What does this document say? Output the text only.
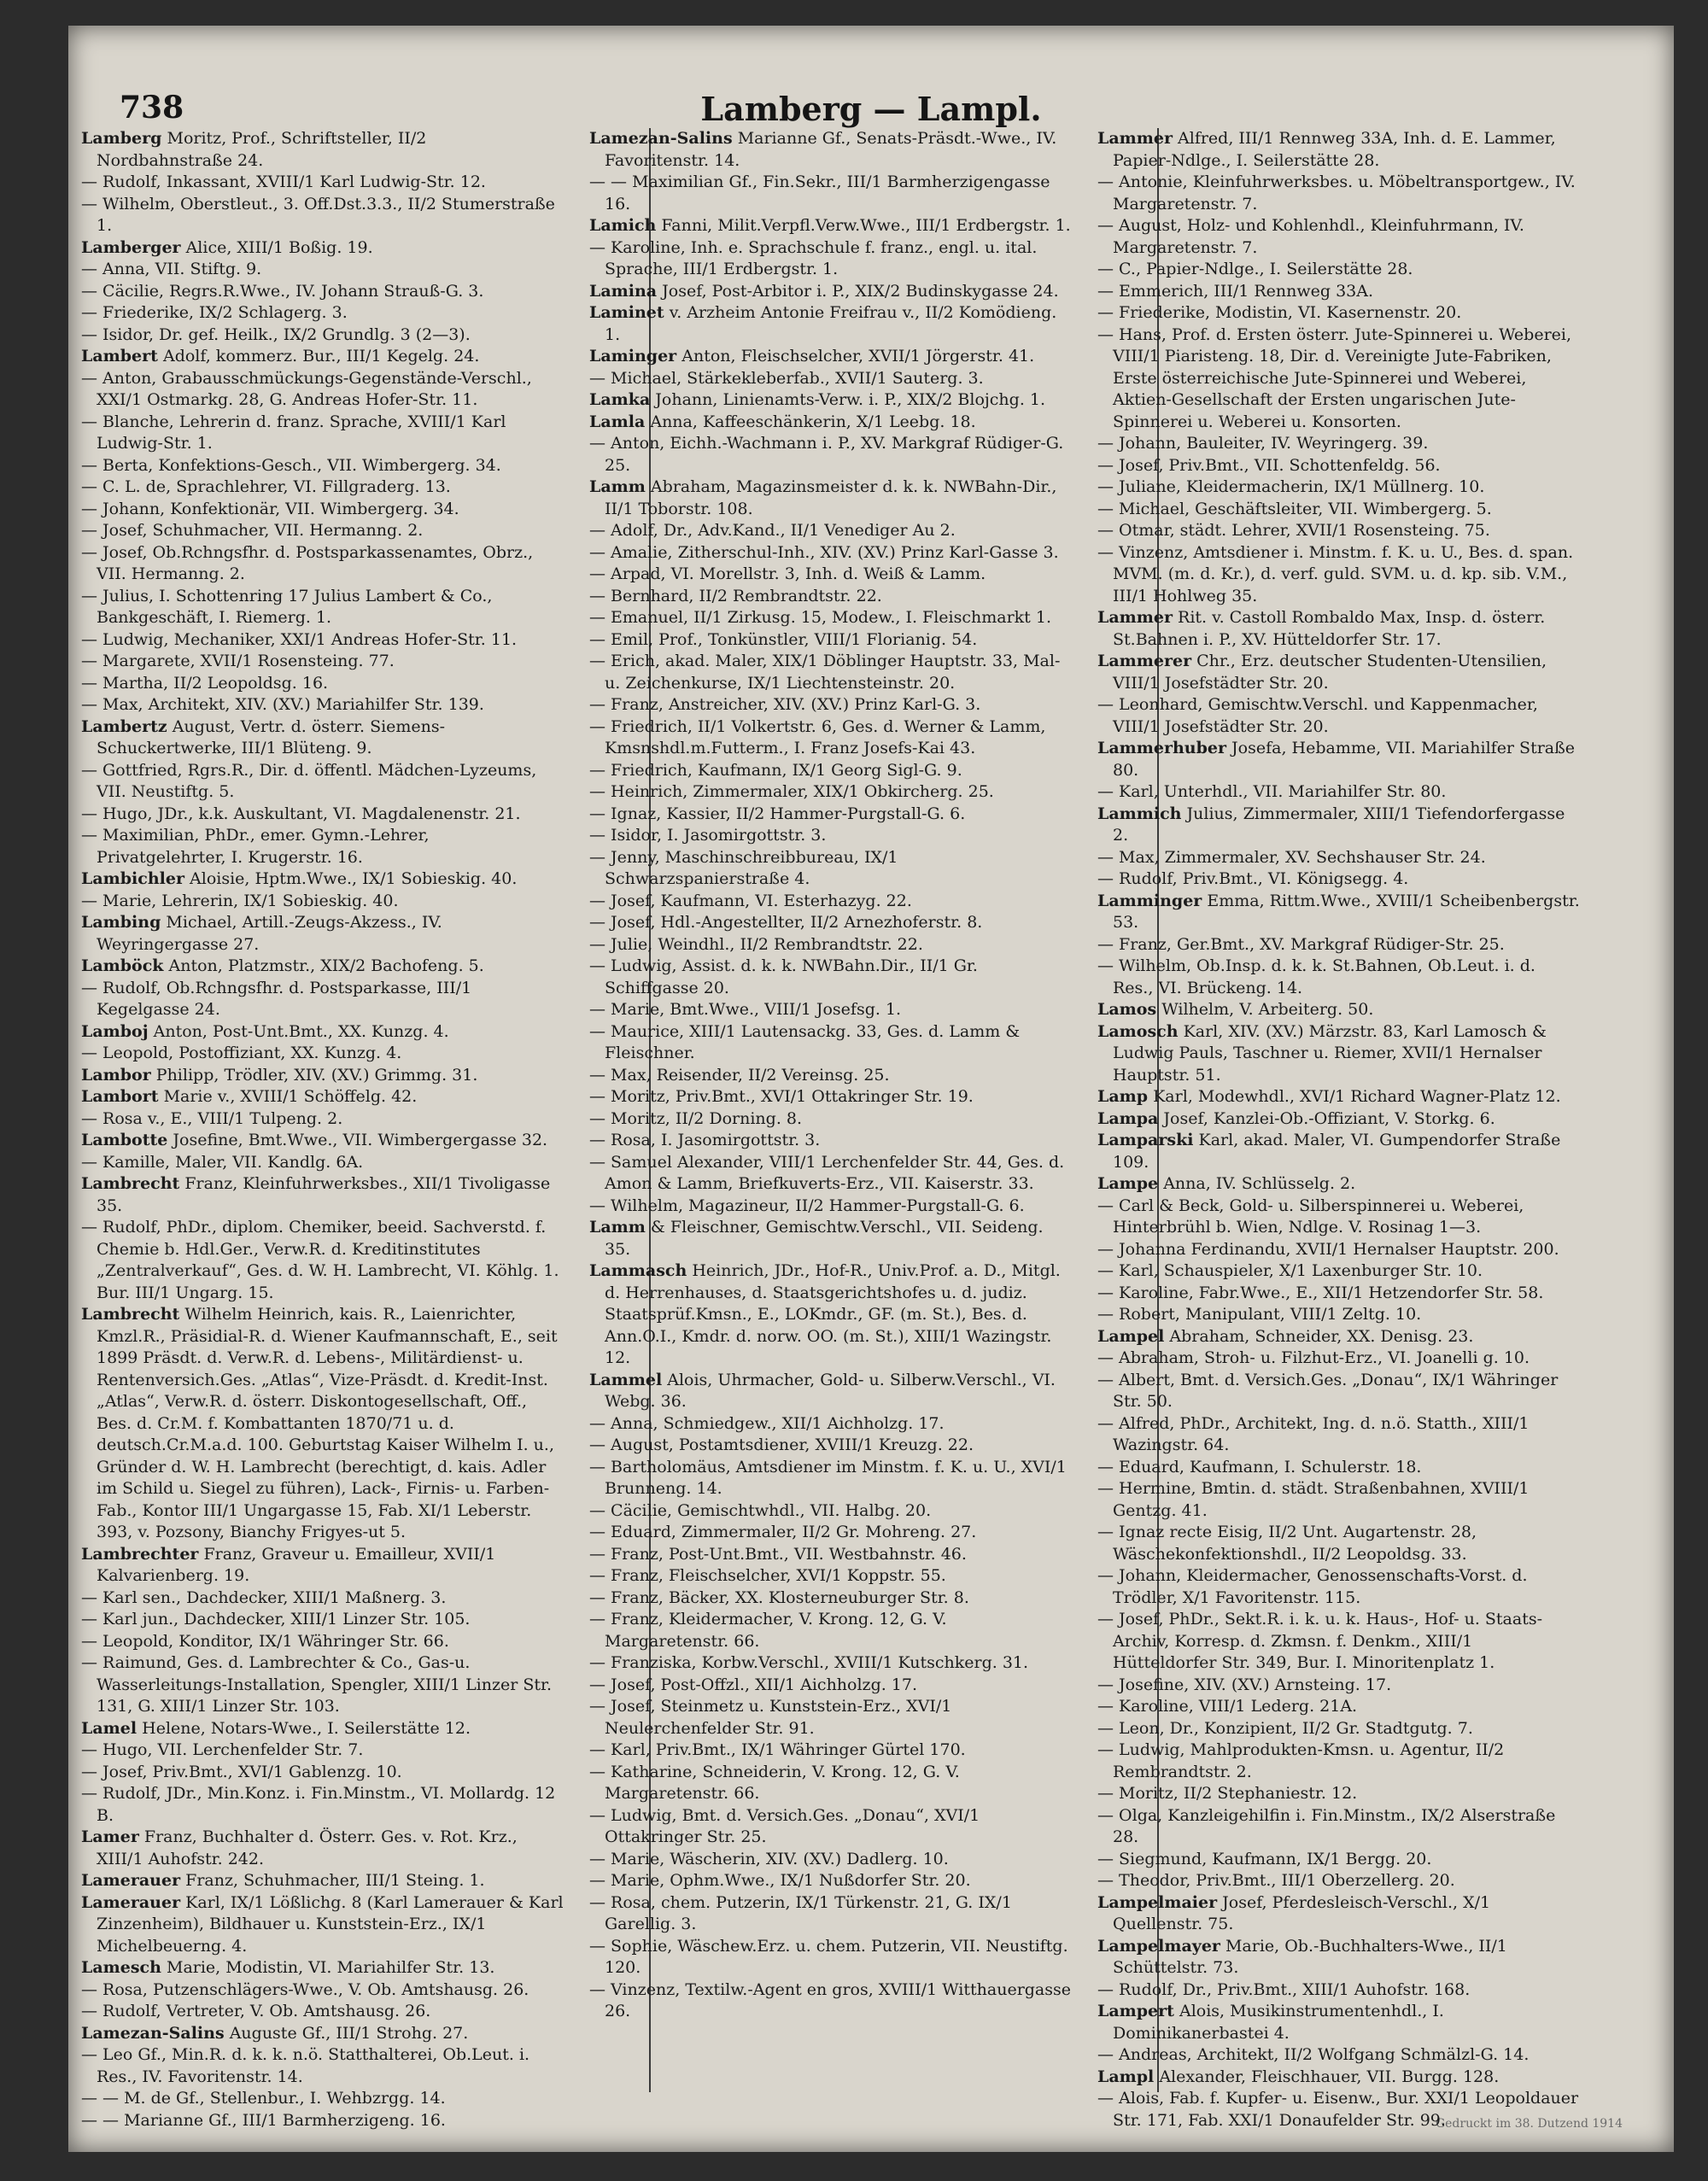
738	Lamberg — Lampl.
Gedruckt im 38. Dutzend 1914

Lamberg Moritz, Prof., Schriftsteller, II/2 Nordbahnstraße 24.

— Rudolf, Inkassant, XVIII/1 Karl Ludwig-Str. 12.

— Wilhelm, Oberstleut., 3. Off.Dst.3.3., II/2 Stumerstraße 1.

Lamberger Alice, XIII/1 Boßig. 19.

— Anna, VII. Stiftg. 9.

— Cäcilie, Regrs.R.Wwe., IV. Johann Strauß-G. 3.

— Friederike, IX/2 Schlagerg. 3.

— Isidor, Dr. gef. Heilk., IX/2 Grundlg. 3 (2—3).

Lambert Adolf, kommerz. Bur., III/1 Kegelg. 24.

— Anton, Grabausschmückungs-Gegenstände-Verschl., XXI/1 Ostmarkg. 28, G. Andreas Hofer-Str. 11.

— Blanche, Lehrerin d. franz. Sprache, XVIII/1 Karl Ludwig-Str. 1.

— Berta, Konfektions-Gesch., VII. Wimbergerg. 34.

— C. L. de, Sprachlehrer, VI. Fillgraderg. 13.

— Johann, Konfektionär, VII. Wimbergerg. 34.

— Josef, Schuhmacher, VII. Hermanng. 2.

— Josef, Ob.Rchngsfhr. d. Postsparkassenamtes, Obrz., VII. Hermanng. 2.

— Julius, I. Schottenring 17 Julius Lambert & Co., Bankgeschäft, I. Riemerg. 1.

— Ludwig, Mechaniker, XXI/1 Andreas Hofer-Str. 11.

— Margarete, XVII/1 Rosensteing. 77.

— Martha, II/2 Leopoldsg. 16.

— Max, Architekt, XIV. (XV.) Mariahilfer Str. 139.

Lambertz August, Vertr. d. österr. Siemens-Schuckertwerke, III/1 Blüteng. 9.

— Gottfried, Rgrs.R., Dir. d. öffentl. Mädchen-Lyzeums, VII. Neustiftg. 5.

— Hugo, JDr., k.k. Auskultant, VI. Magdalenenstr. 21.

— Maximilian, PhDr., emer. Gymn.-Lehrer, Privatgelehrter, I. Krugerstr. 16.

Lambichler Aloisie, Hptm.Wwe., IX/1 Sobieskig. 40.

— Marie, Lehrerin, IX/1 Sobieskig. 40.

Lambing Michael, Artill.-Zeugs-Akzess., IV. Weyringergasse 27.

Lamböck Anton, Platzmstr., XIX/2 Bachofeng. 5.

— Rudolf, Ob.Rchngsfhr. d. Postsparkasse, III/1 Kegelgasse 24.

Lamboj Anton, Post-Unt.Bmt., XX. Kunzg. 4.

— Leopold, Postoffiziant, XX. Kunzg. 4.

Lambor Philipp, Trödler, XIV. (XV.) Grimmg. 31.

Lambort Marie v., XVIII/1 Schöffelg. 42.

— Rosa v., E., VIII/1 Tulpeng. 2.

Lambotte Josefine, Bmt.Wwe., VII. Wimbergergasse 32.

— Kamille, Maler, VII. Kandlg. 6A.

Lambrecht Franz, Kleinfuhrwerksbes., XII/1 Tivoligasse 35.

— Rudolf, PhDr., diplom. Chemiker, beeid. Sachverstd. f. Chemie b. Hdl.Ger., Verw.R. d. Kreditinstitutes „Zentralverkauf“, Ges. d. W. H. Lambrecht, VI. Köhlg. 1. Bur. III/1 Ungarg. 15.

Lambrecht Wilhelm Heinrich, kais. R., Laienrichter, Kmzl.R., Präsidial-R. d. Wiener Kaufmannschaft, E., seit 1899 Präsdt. d. Verw.R. d. Lebens-, Militärdienst- u. Rentenversich.Ges. „Atlas“, Vize-Präsdt. d. Kredit-Inst. „Atlas“, Verw.R. d. österr. Diskontogesellschaft, Off., Bes. d. Cr.M. f. Kombattanten 1870/71 u. d. deutsch.Cr.M.a.d. 100. Geburtstag Kaiser Wilhelm I. u., Gründer d. W. H. Lambrecht (berechtigt, d. kais. Adler im Schild u. Siegel zu führen), Lack-, Firnis- u. Farben-Fab., Kontor III/1 Ungargasse 15, Fab. XI/1 Leberstr. 393, v. Pozsony, Bianchy Frigyes-ut 5.

Lambrechter Franz, Graveur u. Emailleur, XVII/1 Kalvarienberg. 19.

— Karl sen., Dachdecker, XIII/1 Maßnerg. 3.

— Karl jun., Dachdecker, XIII/1 Linzer Str. 105.

— Leopold, Konditor, IX/1 Währinger Str. 66.

— Raimund, Ges. d. Lambrechter & Co., Gas-u. Wasserleitungs-Installation, Spengler, XIII/1 Linzer Str. 131, G. XIII/1 Linzer Str. 103.

Lamel Helene, Notars-Wwe., I. Seilerstätte 12.

— Hugo, VII. Lerchenfelder Str. 7.

— Josef, Priv.Bmt., XVI/1 Gablenzg. 10.

— Rudolf, JDr., Min.Konz. i. Fin.Minstm., VI. Mollardg. 12 B.

Lamer Franz, Buchhalter d. Österr. Ges. v. Rot. Krz., XIII/1 Auhofstr. 242.

Lamerauer Franz, Schuhmacher, III/1 Steing. 1.

Lamerauer Karl, IX/1 Lößlichg. 8 (Karl Lamerauer & Karl Zinzenheim), Bildhauer u. Kunststein-Erz., IX/1 Michelbeuerng. 4.

Lamesch Marie, Modistin, VI. Mariahilfer Str. 13.

— Rosa, Putzenschlägers-Wwe., V. Ob. Amtshausg. 26.

— Rudolf, Vertreter, V. Ob. Amtshausg. 26.

Lamezan-Salins Auguste Gf., III/1 Strohg. 27.

— Leo Gf., Min.R. d. k. k. n.ö. Statthalterei, Ob.Leut. i. Res., IV. Favoritenstr. 14.

— — M. de Gf., Stellenbur., I. Wehbzrgg. 14.

— — Marianne Gf., III/1 Barmherzigeng. 16.

Lamezan-Salins Marianne Gf., Senats-Präsdt.-Wwe., IV. Favoritenstr. 14.

— — Maximilian Gf., Fin.Sekr., III/1 Barmherzigengasse 16.

Lamich Fanni, Milit.Verpfl.Verw.Wwe., III/1 Erdbergstr. 1.

— Karoline, Inh. e. Sprachschule f. franz., engl. u. ital. Sprache, III/1 Erdbergstr. 1.

Lamina Josef, Post-Arbitor i. P., XIX/2 Budinskygasse 24.

Laminet v. Arzheim Antonie Freifrau v., II/2 Komödieng. 1.

Laminger Anton, Fleischselcher, XVII/1 Jörgerstr. 41.

— Michael, Stärkekleberfab., XVII/1 Sauterg. 3.

Lamka Johann, Linienamts-Verw. i. P., XIX/2 Blojchg. 1.

Lamla Anna, Kaffeeschänkerin, X/1 Leebg. 18.

— Anton, Eichh.-Wachmann i. P., XV. Markgraf Rüdiger-G. 25.

Lamm Abraham, Magazinsmeister d. k. k. NWBahn-Dir., II/1 Toborstr. 108.

— Adolf, Dr., Adv.Kand., II/1 Venediger Au 2.

— Amalie, Zitherschul-Inh., XIV. (XV.) Prinz Karl-Gasse 3.

— Arpad, VI. Morellstr. 3, Inh. d. Weiß & Lamm.

— Bernhard, II/2 Rembrandtstr. 22.

— Emanuel, II/1 Zirkusg. 15, Modew., I. Fleischmarkt 1.

— Emil, Prof., Tonkünstler, VIII/1 Florianig. 54.

— Erich, akad. Maler, XIX/1 Döblinger Hauptstr. 33, Mal- u. Zeichenkurse, IX/1 Liechtensteinstr. 20.

— Franz, Anstreicher, XIV. (XV.) Prinz Karl-G. 3.

— Friedrich, II/1 Volkertstr. 6, Ges. d. Werner & Lamm, Kmsnshdl.m.Futterm., I. Franz Josefs-Kai 43.

— Friedrich, Kaufmann, IX/1 Georg Sigl-G. 9.

— Heinrich, Zimmermaler, XIX/1 Obkircherg. 25.

— Ignaz, Kassier, II/2 Hammer-Purgstall-G. 6.

— Isidor, I. Jasomirgottstr. 3.

— Jenny, Maschinschreibbureau, IX/1 Schwarzspanierstraße 4.

— Josef, Kaufmann, VI. Esterhazyg. 22.

— Josef, Hdl.-Angestellter, II/2 Arnezhoferstr. 8.

— Julie, Weindhl., II/2 Rembrandtstr. 22.

— Ludwig, Assist. d. k. k. NWBahn.Dir., II/1 Gr. Schiffgasse 20.

— Marie, Bmt.Wwe., VIII/1 Josefsg. 1.

— Maurice, XIII/1 Lautensackg. 33, Ges. d. Lamm & Fleischner.

— Max, Reisender, II/2 Vereinsg. 25.

— Moritz, Priv.Bmt., XVI/1 Ottakringer Str. 19.

— Moritz, II/2 Dorning. 8.

— Rosa, I. Jasomirgottstr. 3.

— Samuel Alexander, VIII/1 Lerchenfelder Str. 44, Ges. d. Amon & Lamm, Briefkuverts-Erz., VII. Kaiserstr. 33.

— Wilhelm, Magazineur, II/2 Hammer-Purgstall-G. 6.

Lamm & Fleischner, Gemischtw.Verschl., VII. Seideng. 35.

Lammasch Heinrich, JDr., Hof-R., Univ.Prof. a. D., Mitgl. d. Herrenhauses, d. Staatsgerichtshofes u. d. judiz. Staatsprüf.Kmsn., E., LOKmdr., GF. (m. St.), Bes. d. Ann.O.I., Kmdr. d. norw. OO. (m. St.), XIII/1 Wazingstr. 12.

Lammel Alois, Uhrmacher, Gold- u. Silberw.Verschl., VI. Webg. 36.

— Anna, Schmiedgew., XII/1 Aichholzg. 17.

— August, Postamtsdiener, XVIII/1 Kreuzg. 22.

— Bartholomäus, Amtsdiener im Minstm. f. K. u. U., XVI/1 Brunneng. 14.

— Cäcilie, Gemischtwhdl., VII. Halbg. 20.

— Eduard, Zimmermaler, II/2 Gr. Mohreng. 27.

— Franz, Post-Unt.Bmt., VII. Westbahnstr. 46.

— Franz, Fleischselcher, XVI/1 Koppstr. 55.

— Franz, Bäcker, XX. Klosterneuburger Str. 8.

— Franz, Kleidermacher, V. Krong. 12, G. V. Margaretenstr. 66.

— Franziska, Korbw.Verschl., XVIII/1 Kutschkerg. 31.

— Josef, Post-Offzl., XII/1 Aichholzg. 17.

— Josef, Steinmetz u. Kunststein-Erz., XVI/1 Neulerchenfelder Str. 91.

— Karl, Priv.Bmt., IX/1 Währinger Gürtel 170.

— Katharine, Schneiderin, V. Krong. 12, G. V. Margaretenstr. 66.

— Ludwig, Bmt. d. Versich.Ges. „Donau“, XVI/1 Ottakringer Str. 25.

— Marie, Wäscherin, XIV. (XV.) Dadlerg. 10.

— Marie, Ophm.Wwe., IX/1 Nußdorfer Str. 20.

— Rosa, chem. Putzerin, IX/1 Türkenstr. 21, G. IX/1 Garellig. 3.

— Sophie, Wäschew.Erz. u. chem. Putzerin, VII. Neustiftg. 120.

— Vinzenz, Textilw.-Agent en gros, XVIII/1 Witthauergasse 26.

Lammer Alfred, III/1 Rennweg 33A, Inh. d. E. Lammer, Papier-Ndlge., I. Seilerstätte 28.

— Antonie, Kleinfuhrwerksbes. u. Möbeltransportgew., IV. Margaretenstr. 7.

— August, Holz- und Kohlenhdl., Kleinfuhrmann, IV. Margaretenstr. 7.

— C., Papier-Ndlge., I. Seilerstätte 28.

— Emmerich, III/1 Rennweg 33A.

— Friederike, Modistin, VI. Kasernenstr. 20.

— Hans, Prof. d. Ersten österr. Jute-Spinnerei u. Weberei, VIII/1 Piaristeng. 18, Dir. d. Vereinigte Jute-Fabriken, Erste österreichische Jute-Spinnerei und Weberei, Aktien-Gesellschaft der Ersten ungarischen Jute-Spinnerei u. Weberei u. Konsorten.

— Johann, Bauleiter, IV. Weyringerg. 39.

— Josef, Priv.Bmt., VII. Schottenfeldg. 56.

— Juliane, Kleidermacherin, IX/1 Müllnerg. 10.

— Michael, Geschäftsleiter, VII. Wimbergerg. 5.

— Otmar, städt. Lehrer, XVII/1 Rosensteing. 75.

— Vinzenz, Amtsdiener i. Minstm. f. K. u. U., Bes. d. span. MVM. (m. d. Kr.), d. verf. guld. SVM. u. d. kp. sib. V.M., III/1 Hohlweg 35.

Lammer Rit. v. Castoll Rombaldo Max, Insp. d. österr. St.Bahnen i. P., XV. Hütteldorfer Str. 17.

Lammerer Chr., Erz. deutscher Studenten-Utensilien, VIII/1 Josefstädter Str. 20.

— Leonhard, Gemischtw.Verschl. und Kappenmacher, VIII/1 Josefstädter Str. 20.

Lammerhuber Josefa, Hebamme, VII. Mariahilfer Straße 80.

— Karl, Unterhdl., VII. Mariahilfer Str. 80.

Lammich Julius, Zimmermaler, XIII/1 Tiefendorfergasse 2.

— Max, Zimmermaler, XV. Sechshauser Str. 24.

— Rudolf, Priv.Bmt., VI. Königsegg. 4.

Lamminger Emma, Rittm.Wwe., XVIII/1 Scheibenbergstr. 53.

— Franz, Ger.Bmt., XV. Markgraf Rüdiger-Str. 25.

— Wilhelm, Ob.Insp. d. k. k. St.Bahnen, Ob.Leut. i. d. Res., VI. Brückeng. 14.

Lamos Wilhelm, V. Arbeiterg. 50.

Lamosch Karl, XIV. (XV.) Märzstr. 83, Karl Lamosch & Ludwig Pauls, Taschner u. Riemer, XVII/1 Hernalser Hauptstr. 51.

Lamp Karl, Modewhdl., XVI/1 Richard Wagner-Platz 12.

Lampa Josef, Kanzlei-Ob.-Offiziant, V. Storkg. 6.

Lamparski Karl, akad. Maler, VI. Gumpendorfer Straße 109.

Lampe Anna, IV. Schlüsselg. 2.

— Carl & Beck, Gold- u. Silberspinnerei u. Weberei, Hinterbrühl b. Wien, Ndlge. V. Rosinag 1—3.

— Johanna Ferdinandu, XVII/1 Hernalser Hauptstr. 200.

— Karl, Schauspieler, X/1 Laxenburger Str. 10.

— Karoline, Fabr.Wwe., E., XII/1 Hetzendorfer Str. 58.

— Robert, Manipulant, VIII/1 Zeltg. 10.

Lampel Abraham, Schneider, XX. Denisg. 23.

— Abraham, Stroh- u. Filzhut-Erz., VI. Joanelli g. 10.

— Albert, Bmt. d. Versich.Ges. „Donau“, IX/1 Währinger Str. 50.

— Alfred, PhDr., Architekt, Ing. d. n.ö. Statth., XIII/1 Wazingstr. 64.

— Eduard, Kaufmann, I. Schulerstr. 18.

— Hermine, Bmtin. d. städt. Straßenbahnen, XVIII/1 Gentzg. 41.

— Ignaz recte Eisig, II/2 Unt. Augartenstr. 28, Wäschekonfektionshdl., II/2 Leopoldsg. 33.

— Johann, Kleidermacher, Genossenschafts-Vorst. d. Trödler, X/1 Favoritenstr. 115.

— Josef, PhDr., Sekt.R. i. k. u. k. Haus-, Hof- u. Staats-Archiv, Korresp. d. Zkmsn. f. Denkm., XIII/1 Hütteldorfer Str. 349, Bur. I. Minoritenplatz 1.

— Josefine, XIV. (XV.) Arnsteing. 17.

— Karoline, VIII/1 Lederg. 21A.

— Leon, Dr., Konzipient, II/2 Gr. Stadtgutg. 7.

— Ludwig, Mahlprodukten-Kmsn. u. Agentur, II/2 Rembrandtstr. 2.

— Moritz, II/2 Stephaniestr. 12.

— Olga, Kanzleigehilfin i. Fin.Minstm., IX/2 Alserstraße 28.

— Siegmund, Kaufmann, IX/1 Bergg. 20.

— Theodor, Priv.Bmt., III/1 Oberzellerg. 20.

Lampelmaier Josef, Pferdesleisch-Verschl., X/1 Quellenstr. 75.

Lampelmayer Marie, Ob.-Buchhalters-Wwe., II/1 Schüttelstr. 73.

— Rudolf, Dr., Priv.Bmt., XIII/1 Auhofstr. 168.

Lampert Alois, Musikinstrumentenhdl., I. Dominikanerbastei 4.

— Andreas, Architekt, II/2 Wolfgang Schmälzl-G. 14.

Lampl Alexander, Fleischhauer, VII. Burgg. 128.

— Alois, Fab. f. Kupfer- u. Eisenw., Bur. XXI/1 Leopoldauer Str. 171, Fab. XXI/1 Donaufelder Str. 99.
